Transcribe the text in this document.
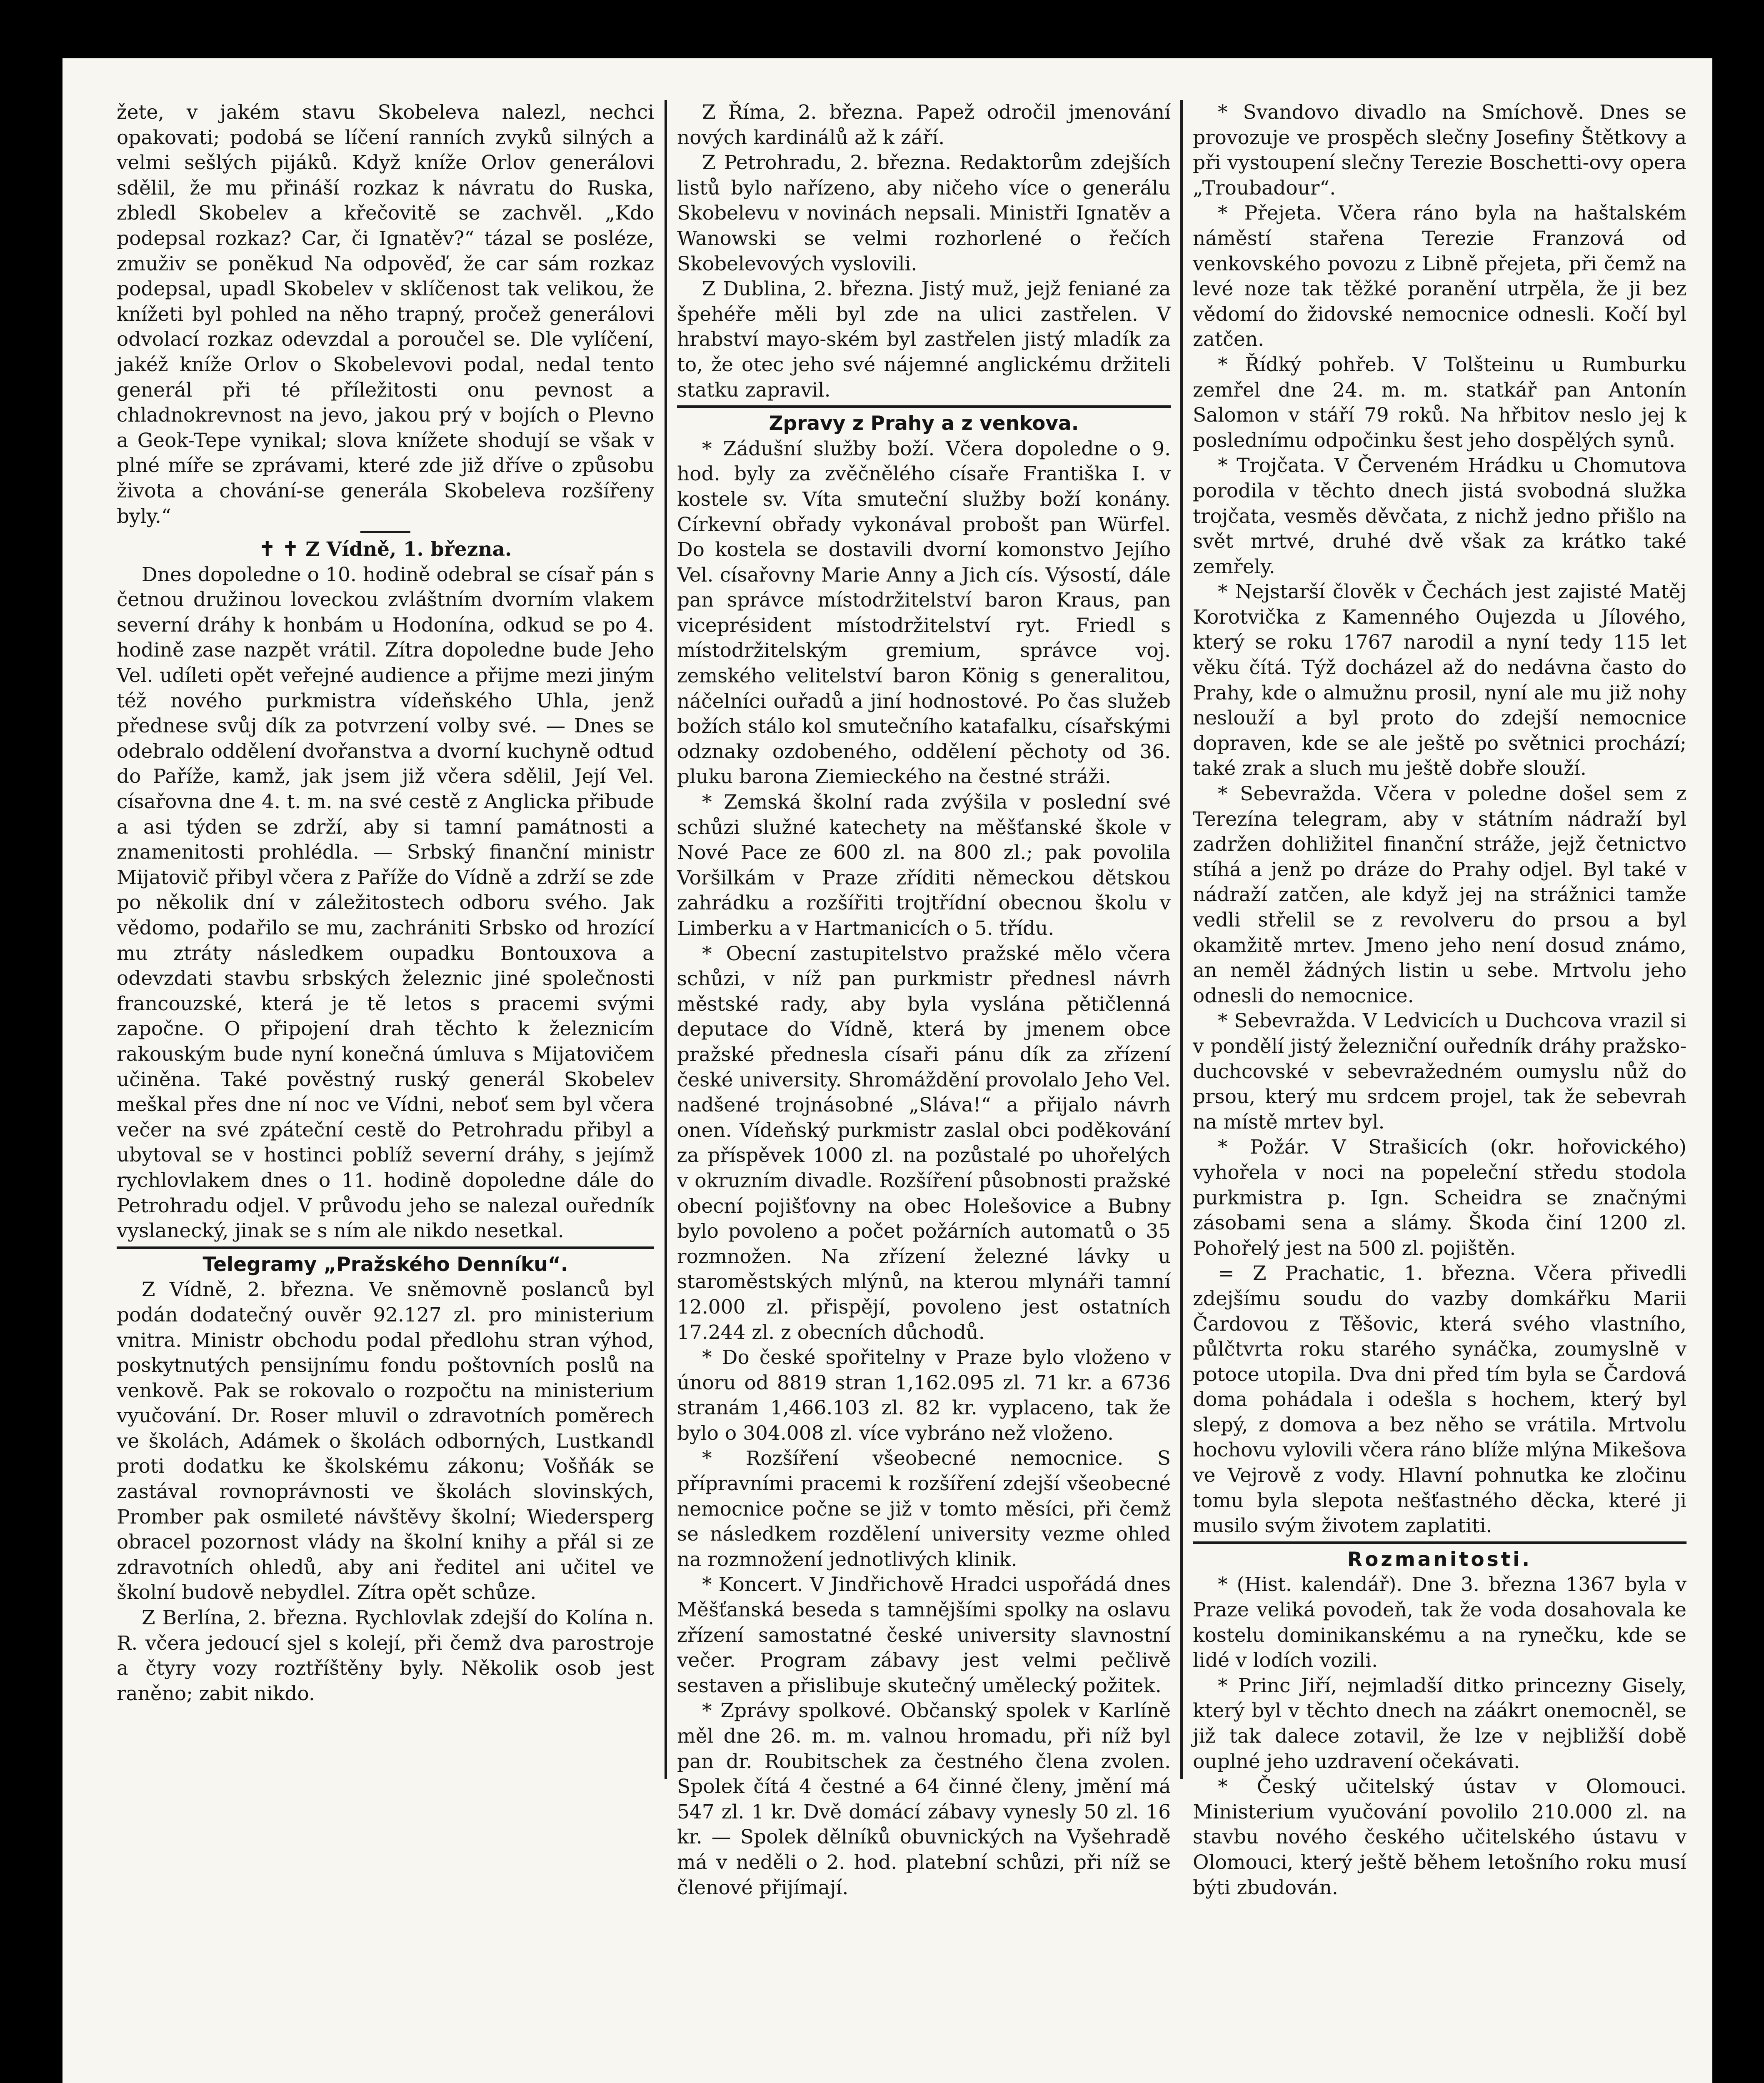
žete, v jakém stavu Skobeleva nalezl, nechci opakovati; podobá se líčení ranních zvyků silných a velmi sešlých pijáků. Když kníže Orlov generálovi sdělil, že mu přináší rozkaz k návratu do Ruska, zbledl Skobelev a křečovitě se zachvěl. „Kdo podepsal rozkaz? Car, či Ignatěv?“ tázal se posléze, zmuživ se poněkud Na odpověď, že car sám rozkaz podepsal, upadl Skobelev v sklíčenost tak velikou, že knížeti byl pohled na něho trapný, pročež generálovi odvolací rozkaz odevzdal a poroučel se. Dle vylíčení, jakéž kníže Orlov o Skobelevovi podal, nedal tento generál při té příležitosti onu pevnost a chladnokrevnost na jevo, jakou prý v bojích o Plevno a Geok-Tepe vynikal; slova knížete shodují se však v plné míře se zprávami, které zde již dříve o způsobu života a chování-se generála Skobeleva rozšířeny byly.“

✝ ✝ Z Vídně, 1. března.

Dnes dopoledne o 10. hodině odebral se císař pán s četnou družinou loveckou zvláštním dvorním vlakem severní dráhy k honbám u Hodonína, odkud se po 4. hodině zase nazpět vrátil. Zítra dopoledne bude Jeho Vel. udíleti opět veřejné audience a přijme mezi jiným též nového purkmistra vídeňského Uhla, jenž přednese svůj dík za potvrzení volby své. — Dnes se odebralo oddělení dvořanstva a dvorní kuchyně odtud do Paříže, kamž, jak jsem již včera sdělil, Její Vel. císařovna dne 4. t. m. na své cestě z Anglicka přibude a asi týden se zdrží, aby si tamní památnosti a znamenitosti prohlédla. — Srbský finanční ministr Mijatovič přibyl včera z Paříže do Vídně a zdrží se zde po několik dní v záležitostech odboru svého. Jak vědomo, podařilo se mu, zachrániti Srbsko od hrozící mu ztráty následkem oupadku Bontouxova a odevzdati stavbu srbských železnic jiné společnosti francouzské, která je tě letos s pracemi svými započne. O připojení drah těchto k železnicím rakouským bude nyní konečná úmluva s Mijatovičem učiněna. Také pověstný ruský generál Skobelev meškal přes dne ní noc ve Vídni, neboť sem byl včera večer na své zpáteční cestě do Petrohradu přibyl a ubytoval se v hostinci poblíž severní dráhy, s jejímž rychlovlakem dnes o 11. hodině dopoledne dále do Petrohradu odjel. V průvodu jeho se nalezal ouředník vyslanecký, jinak se s ním ale nikdo nesetkal.

Telegramy „Pražského Denníku“.

Z Vídně, 2. března. Ve sněmovně poslanců byl podán dodatečný ouvěr 92.127 zl. pro ministerium vnitra. Ministr obchodu podal předlohu stran výhod, poskytnutých pensijnímu fondu poštovních poslů na venkově. Pak se rokovalo o rozpočtu na ministerium vyučování. Dr. Roser mluvil o zdravotních poměrech ve školách, Adámek o školách odborných, Lustkandl proti dodatku ke školskému zákonu; Vošňák se zastával rovnoprávnosti ve školách slovinských, Promber pak osmileté návštěvy školní; Wiedersperg obracel pozornost vlády na školní knihy a přál si ze zdravotních ohledů, aby ani ředitel ani učitel ve školní budově nebydlel. Zítra opět schůze.

Z Berlína, 2. března. Rychlovlak zdejší do Kolína n. R. včera jedoucí sjel s kolejí, při čemž dva parostroje a čtyry vozy roztříštěny byly. Několik osob jest raněno; zabit nikdo.

Z Říma, 2. března. Papež odročil jmenování nových kardinálů až k září.

Z Petrohradu, 2. března. Redaktorům zdejších listů bylo nařízeno, aby ničeho více o generálu Skobelevu v novinách nepsali. Ministři Ignatěv a Wanowski se velmi rozhorlené o řečích Skobelevových vyslovili.

Z Dublina, 2. března. Jistý muž, jejž feniané za špehéře měli byl zde na ulici zastřelen. V hrabství mayo-ském byl zastřelen jistý mladík za to, že otec jeho své nájemné anglickému držiteli statku zapravil.

Zpravy z Prahy a z venkova.

* Zádušní služby boží. Včera dopoledne o 9. hod. byly za zvěčnělého císaře Františka I. v kostele sv. Víta smuteční služby boží konány. Církevní obřady vykonával probošt pan Würfel. Do kostela se dostavili dvorní komonstvo Jejího Vel. císařovny Marie Anny a Jich cís. Výsostí, dále pan správce místodržitelství baron Kraus, pan viceprésident místodržitelství ryt. Friedl s místodržitelským gremium, správce voj. zemského velitelství baron König s generalitou, náčelníci ouřadů a jiní hodnostové. Po čas služeb božích stálo kol smutečního katafalku, císařskými odznaky ozdobeného, oddělení pěchoty od 36. pluku barona Ziemieckého na čestné stráži.

* Zemská školní rada zvýšila v poslední své schůzi služné katechety na měšťanské škole v Nové Pace ze 600 zl. na 800 zl.; pak povolila Voršilkám v Praze zříditi německou dětskou zahrádku a rozšířiti trojtřídní obecnou školu v Limberku a v Hartmanicích o 5. třídu.

* Obecní zastupitelstvo pražské mělo včera schůzi, v níž pan purkmistr přednesl návrh městské rady, aby byla vyslána pětičlenná deputace do Vídně, která by jmenem obce pražské přednesla císaři pánu dík za zřízení české university. Shromáždění provolalo Jeho Vel. nadšené trojnásobné „Sláva!“ a přijalo návrh onen. Vídeňský purkmistr zaslal obci poděkování za příspěvek 1000 zl. na pozůstalé po uhořelých v okruzním divadle. Rozšíření působnosti pražské obecní pojišťovny na obec Holešovice a Bubny bylo povoleno a počet požárních automatů o 35 rozmnožen. Na zřízení železné lávky u staroměstských mlýnů, na kterou mlynáři tamní 12.000 zl. přispějí, povoleno jest ostatních 17.244 zl. z obecních důchodů.

* Do české spořitelny v Praze bylo vloženo v únoru od 8819 stran 1,162.095 zl. 71 kr. a 6736 stranám 1,466.103 zl. 82 kr. vyplaceno, tak že bylo o 304.008 zl. více vybráno než vloženo.

* Rozšíření všeobecné nemocnice. S přípravními pracemi k rozšíření zdejší všeobecné nemocnice počne se již v tomto měsíci, při čemž se následkem rozdělení university vezme ohled na rozmnožení jednotlivých klinik.

* Koncert. V Jindřichově Hradci uspořádá dnes Měšťanská beseda s tamnějšími spolky na oslavu zřízení samostatné české university slavnostní večer. Program zábavy jest velmi pečlivě sestaven a přislibuje skutečný umělecký požitek.

* Zprávy spolkové. Občanský spolek v Karlíně měl dne 26. m. m. valnou hromadu, při níž byl pan dr. Roubitschek za čestného člena zvolen. Spolek čítá 4 čestné a 64 činné členy, jmění má 547 zl. 1 kr. Dvě domácí zábavy vynesly 50 zl. 16 kr. — Spolek dělníků obuvnických na Vyšehradě má v neděli o 2. hod. platební schůzi, při níž se členové přijímají.

* Svandovo divadlo na Smíchově. Dnes se provozuje ve prospěch slečny Josefiny Štětkovy a při vystoupení slečny Terezie Boschetti-ovy opera „Troubadour“.

* Přejeta. Včera ráno byla na haštalském náměstí stařena Terezie Franzová od venkovského povozu z Libně přejeta, při čemž na levé noze tak těžké poranění utrpěla, že ji bez vědomí do židovské nemocnice odnesli. Kočí byl zatčen.

* Řídký pohřeb. V Tolšteinu u Rumburku zemřel dne 24. m. m. statkář pan Antonín Salomon v stáří 79 roků. Na hřbitov neslo jej k poslednímu odpočinku šest jeho dospělých synů.

* Trojčata. V Červeném Hrádku u Chomutova porodila v těchto dnech jistá svobodná služka trojčata, vesměs děvčata, z nichž jedno přišlo na svět mrtvé, druhé dvě však za krátko také zemřely.

* Nejstarší člověk v Čechách jest zajisté Matěj Korotvička z Kamenného Oujezda u Jílového, který se roku 1767 narodil a nyní tedy 115 let věku čítá. Týž docházel až do nedávna často do Prahy, kde o almužnu prosil, nyní ale mu již nohy neslouží a byl proto do zdejší nemocnice dopraven, kde se ale ještě po světnici prochází; také zrak a sluch mu ještě dobře slouží.

* Sebevražda. Včera v poledne došel sem z Terezína telegram, aby v státním nádraží byl zadržen dohližitel finanční stráže, jejž četnictvo stíhá a jenž po dráze do Prahy odjel. Byl také v nádraží zatčen, ale když jej na strážnici tamže vedli střelil se z revolveru do prsou a byl okamžitě mrtev. Jmeno jeho není dosud známo, an neměl žádných listin u sebe. Mrtvolu jeho odnesli do nemocnice.

* Sebevražda. V Ledvicích u Duchcova vrazil si v pondělí jistý železniční ouředník dráhy pražsko-duchcovské v sebevražedném oumyslu nůž do prsou, který mu srdcem projel, tak že sebevrah na místě mrtev byl.

* Požár. V Strašicích (okr. hořovického) vyhořela v noci na popeleční středu stodola purkmistra p. Ign. Scheidra se značnými zásobami sena a slámy. Škoda činí 1200 zl. Pohořelý jest na 500 zl. pojištěn.

= Z Prachatic, 1. března. Včera přivedli zdejšímu soudu do vazby domkářku Marii Čardovou z Těšovic, která svého vlastního, půlčtvrta roku starého synáčka, zoumyslně v potoce utopila. Dva dni před tím byla se Čardová doma pohádala i odešla s hochem, který byl slepý, z domova a bez něho se vrátila. Mrtvolu hochovu vylovili včera ráno blíže mlýna Mikešova ve Vejrově z vody. Hlavní pohnutka ke zločinu tomu byla slepota nešťastného děcka, které ji musilo svým životem zaplatiti.

Rozmanitosti.

* (Hist. kalendář). Dne 3. března 1367 byla v Praze veliká povodeň, tak že voda dosahovala ke kostelu dominikanskému a na rynečku, kde se lidé v lodích vozili.

* Princ Jiří, nejmladší ditko princezny Gisely, který byl v těchto dnech na záákrt onemocněl, se již tak dalece zotavil, že lze v nejbližší době ouplné jeho uzdravení očekávati.

* Český učitelský ústav v Olomouci. Ministerium vyučování povolilo 210.000 zl. na stavbu nového českého učitelského ústavu v Olomouci, který ještě během letošního roku musí býti zbudován.
